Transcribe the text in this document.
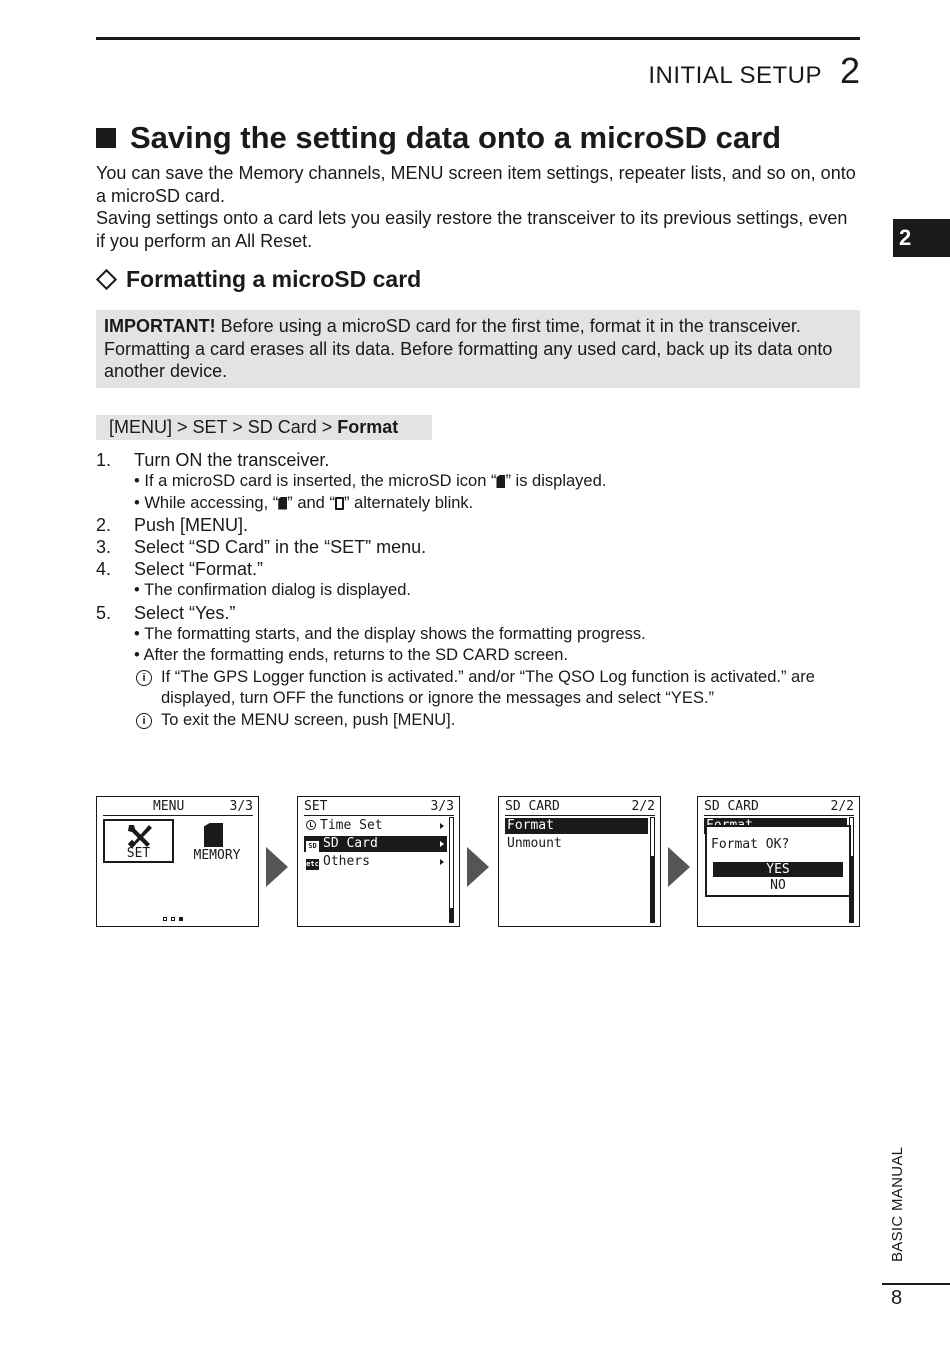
INITIAL SETUP 2
2
Saving the setting data onto a microSD card

You can save the Memory channels, MENU screen item settings, repeater lists, and so on, onto a microSD card.

Saving settings onto a card lets you easily restore the transceiver to its previous settings, even if you perform an All Reset.

Formatting a microSD card
IMPORTANT! Before using a microSD card for the first time, format it in the transceiver. Formatting a card erases all its data. Before formatting any used card, back up its data onto another device.
[MENU] > SET > SD Card > Format
1.	Turn ON the transceiver.
• If a microSD card is inserted, the microSD icon “ ” is displayed.
• While accessing, “ ” and “ ” alternately blink.
2.	Push [MENU].
3.	Select “SD Card” in the “SET” menu.
4.	Select “Format.”
• The confirmation dialog is displayed.
5.	Select “Yes.”
• The formatting starts, and the display shows the formatting progress.
• After the formatting ends, returns to the SD CARD screen.
i If “The GPS Logger function is activated.” and/or “The QSO Log function is activated.” are displayed, turn OFF the functions or ignore the messages and select “YES.”
i To exit the MENU screen, push [MENU].
MENU	3/3
SET	MEMORY
SET	3/3
Time Set
SD SD Card
etc Others
SD CARD	2/2
Format
Unmount
SD CARD	2/2
Format OK?
YES
NO
BASIC MANUAL
8
